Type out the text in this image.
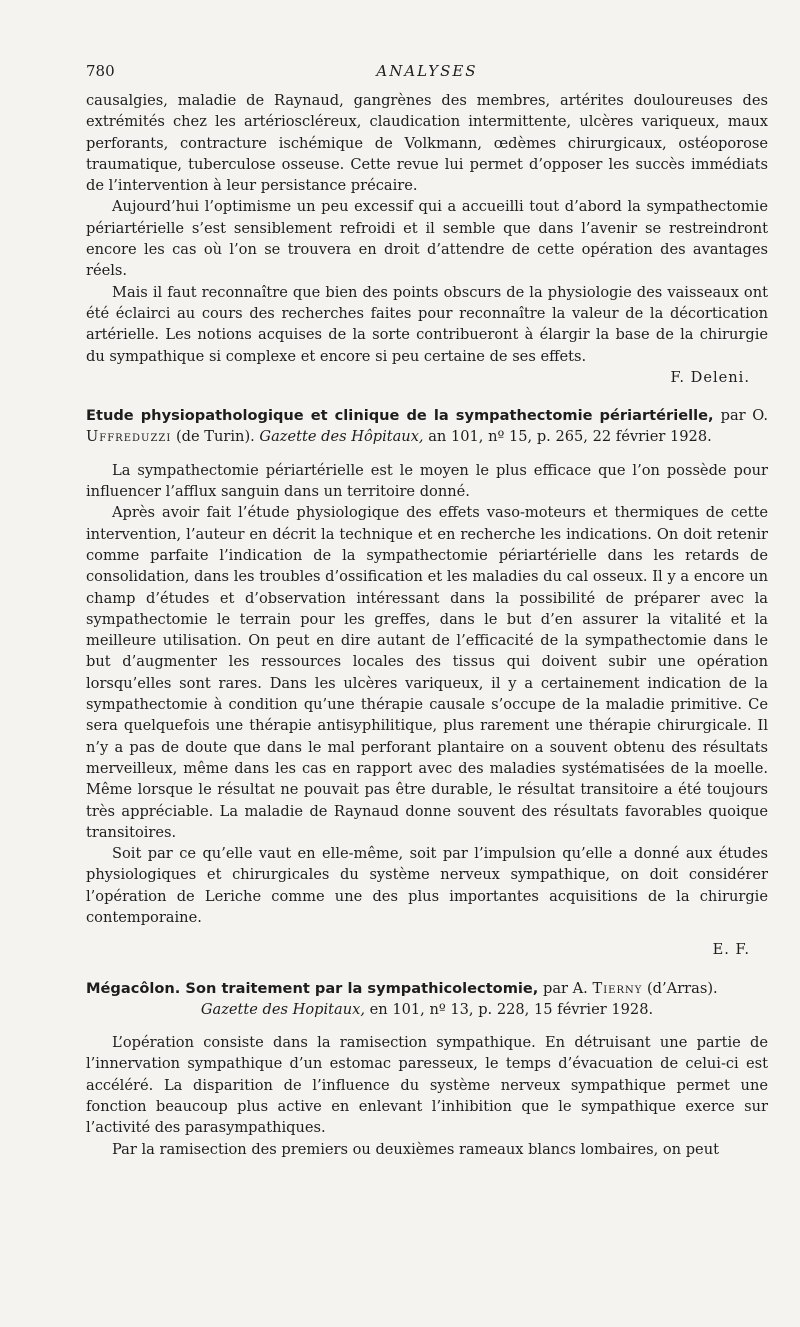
780	ANALYSES

causalgies, maladie de Raynaud, gangrènes des membres, artérites douloureuses des extrémités chez les artérioscléreux, claudication intermittente, ulcères variqueux, maux perforants, contracture ischémique de Volkmann, œdèmes chirurgicaux, ostéoporose traumatique, tuberculose osseuse. Cette revue lui permet d’opposer les succès immédiats de l’intervention à leur persistance précaire.

Aujourd’hui l’optimisme un peu excessif qui a accueilli tout d’abord la sympathectomie périartérielle s’est sensiblement refroidi et il semble que dans l’avenir se restreindront encore les cas où l’on se trouvera en droit d’attendre de cette opération des avantages réels.

Mais il faut reconnaître que bien des points obscurs de la physiologie des vaisseaux ont été éclairci au cours des recherches faites pour reconnaître la valeur de la décortication artérielle. Les notions acquises de la sorte contribueront à élargir la base de la chirurgie du sympathique si complexe et encore si peu certaine de ses effets.

F. Deleni.
Etude physiopathologique et clinique de la sympathectomie périartérielle, par O. Uffreduzzi (de Turin). Gazette des Hôpitaux, an 101, nº 15, p. 265, 22 février 1928.

La sympathectomie périartérielle est le moyen le plus efficace que l’on possède pour influencer l’afflux sanguin dans un territoire donné.

Après avoir fait l’étude physiologique des effets vaso-moteurs et thermiques de cette intervention, l’auteur en décrit la technique et en recherche les indications. On doit retenir comme parfaite l’indication de la sympathectomie périartérielle dans les retards de consolidation, dans les troubles d’ossification et les maladies du cal osseux. Il y a encore un champ d’études et d’observation intéressant dans la possibilité de préparer avec la sympathectomie le terrain pour les greffes, dans le but d’en assurer la vitalité et la meilleure utilisation. On peut en dire autant de l’efficacité de la sympathectomie dans le but d’augmenter les ressources locales des tissus qui doivent subir une opération lorsqu’elles sont rares. Dans les ulcères variqueux, il y a certainement indication de la sympathectomie à condition qu’une thérapie causale s’occupe de la maladie primitive. Ce sera quelquefois une thérapie antisyphilitique, plus rarement une thérapie chirurgicale. Il n’y a pas de doute que dans le mal perforant plantaire on a souvent obtenu des résultats merveilleux, même dans les cas en rapport avec des maladies systématisées de la moelle. Même lorsque le résultat ne pouvait pas être durable, le résultat transitoire a été toujours très appréciable. La maladie de Raynaud donne souvent des résultats favorables quoique transitoires.

Soit par ce qu’elle vaut en elle-même, soit par l’impulsion qu’elle a donné aux études physiologiques et chirurgicales du système nerveux sympathique, on doit considérer l’opération de Leriche comme une des plus importantes acquisitions de la chirurgie contemporaine.

E. F.
Mégacôlon. Son traitement par la sympathicolectomie, par A. Tierny (d’Arras).
Gazette des Hopitaux, en 101, nº 13, p. 228, 15 février 1928.

L’opération consiste dans la ramisection sympathique. En détruisant une partie de l’innervation sympathique d’un estomac paresseux, le temps d’évacuation de celui-ci est accéléré. La disparition de l’influence du système nerveux sympathique permet une fonction beaucoup plus active en enlevant l’inhibition que le sympathique exerce sur l’activité des parasympathiques.

Par la ramisection des premiers ou deuxièmes rameaux blancs lombaires, on peut
